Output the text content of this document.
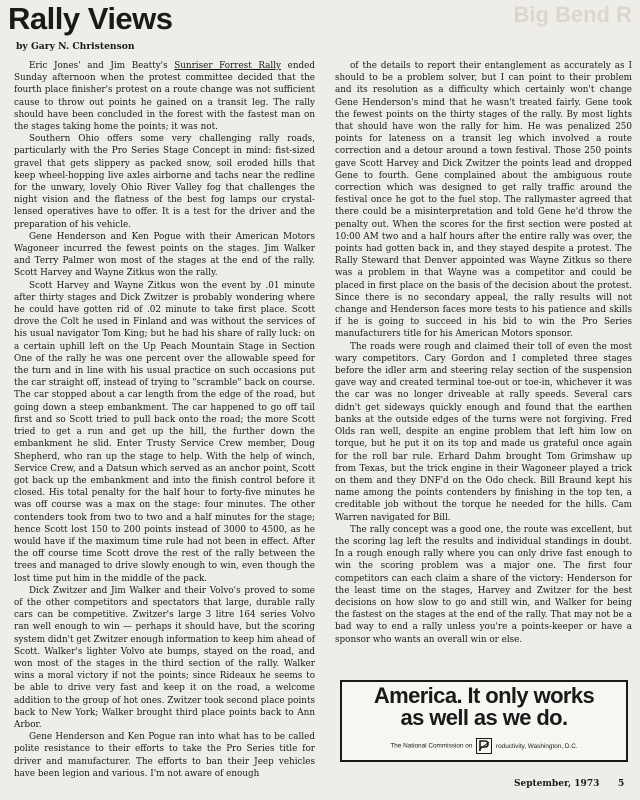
Rally Views	Big Bend R

by Gary N. Christenson

Eric Jones' and Jim Beatty's Sunriser Forrest Rally ended Sunday afternoon when the protest committee decided that the fourth place finisher's protest on a route change was not sufficient cause to throw out points he gained on a transit leg. The rally should have been concluded in the forest with the fastest man on the stages taking home the points; it was not.

Southern Ohio offers some very challenging rally roads, particularly with the Pro Series Stage Concept in mind: fist-sized gravel that gets slippery as packed snow, soil eroded hills that keep wheel-hopping live axles airborne and tachs near the redline for the unwary, lovely Ohio River Valley fog that challenges the night vision and the flatness of the best fog lamps our crystal-lensed operatives have to offer. It is a test for the driver and the preparation of his vehicle.

Gene Henderson and Ken Pogue with their American Motors Wagoneer incurred the fewest points on the stages. Jim Walker and Terry Palmer won most of the stages at the end of the rally. Scott Harvey and Wayne Zitkus won the rally.

Scott Harvey and Wayne Zitkus won the event by .01 minute after thirty stages and Dick Zwitzer is probably wondering where he could have gotten rid of .02 minute to take first place. Scott drove the Colt he used in Finland and was without the services of his usual navigator Tom King; but he had his share of rally luck: on a certain uphill left on the Up Peach Mountain Stage in Section One of the rally he was one percent over the allowable speed for the turn and in line with his usual practice on such occasions put the car straight off, instead of trying to "scramble" back on course. The car stopped about a car length from the edge of the road, but going down a steep embankment. The car happened to go off tail first and so Scott tried to pull back onto the road; the more Scott tried to get a run and get up the hill, the further down the embankment he slid. Enter Trusty Service Crew member, Doug Shepherd, who ran up the stage to help. With the help of winch, Service Crew, and a Datsun which served as an anchor point, Scott got back up the embankment and into the finish control before it closed. His total penalty for the half hour to forty-five minutes he was off course was a max on the stage: four minutes. The other contenders took from two to two and a half minutes for the stage; hence Scott lost 150 to 200 points instead of 3000 to 4500, as he would have if the maximum time rule had not been in effect. After the off course time Scott drove the rest of the rally between the trees and managed to drive slowly enough to win, even though the lost time put him in the middle of the pack.

Dick Zwitzer and Jim Walker and their Volvo's proved to some of the other competitors and spectators that large, durable rally cars can be competitive. Zwitzer's large 3 litre 164 series Volvo ran well enough to win — perhaps it should have, but the scoring system didn't get Zwitzer enough information to keep him ahead of Scott. Walker's lighter Volvo ate bumps, stayed on the road, and won most of the stages in the third section of the rally. Walker wins a moral victory if not the points; since Rideaux he seems to be able to drive very fast and keep it on the road, a welcome addition to the group of hot ones. Zwitzer took second place points back to New York; Walker brought third place points back to Ann Arbor.

Gene Henderson and Ken Pogue ran into what has to be called polite resistance to their efforts to take the Pro Series title for driver and manufacturer. The efforts to ban their Jeep vehicles have been legion and various. I'm not aware of enough

of the details to report their entanglement as accurately as I should to be a problem solver, but I can point to their problem and its resolution as a difficulty which certainly won't change Gene Henderson's mind that he wasn't treated fairly. Gene took the fewest points on the thirty stages of the rally. By most lights that should have won the rally for him. He was penalized 250 points for lateness on a transit leg which involved a route correction and a detour around a town festival. Those 250 points gave Scott Harvey and Dick Zwitzer the points lead and dropped Gene to fourth. Gene complained about the ambiguous route correction which was designed to get rally traffic around the festival once he got to the fuel stop. The rallymaster agreed that there could be a misinterpretation and told Gene he'd throw the penalty out. When the scores for the first section were posted at 10:00 AM two and a half hours after the entire rally was over, the points had gotten back in, and they stayed despite a protest. The Rally Steward that Denver appointed was Wayne Zitkus so there was a problem in that Wayne was a competitor and could be placed in first place on the basis of the decision about the protest. Since there is no secondary appeal, the rally results will not change and Henderson faces more tests to his patience and skills if he is going to succeed in his bid to win the Pro Series manufacturers title for his American Motors sponsor.

The roads were rough and claimed their toll of even the most wary competitors. Cary Gordon and I completed three stages before the idler arm and steering relay section of the suspension gave way and created terminal toe-out or toe-in, whichever it was the car was no longer driveable at rally speeds. Several cars didn't get sideways quickly enough and found that the earthen banks at the outside edges of the turns were not forgiving. Fred Olds ran well, despite an engine problem that left him low on torque, but he put it on its top and made us grateful once again for the roll bar rule. Erhard Dahm brought Tom Grimshaw up from Texas, but the trick engine in their Wagoneer played a trick on them and they DNF'd on the Odo check. Bill Braund kept his name among the points contenders by finishing in the top ten, a creditable job without the torque he needed for the hills. Cam Warren navigated for Bill.

The rally concept was a good one, the route was excellent, but the scoring lag left the results and individual standings in doubt. In a rough enough rally where you can only drive fast enough to win the scoring problem was a major one. The first four competitors can each claim a share of the victory: Henderson for the least time on the stages, Harvey and Zwitzer for the best decisions on how slow to go and still win, and Walker for being the fastest on the stages at the end of the rally. That may not be a bad way to end a rally unless you're a points-keeper or have a sponsor who wants an overall win or else.

America. It only works
as well as we do.

The National Commission on	roductivity, Washington, D.C.
September, 1973 5
